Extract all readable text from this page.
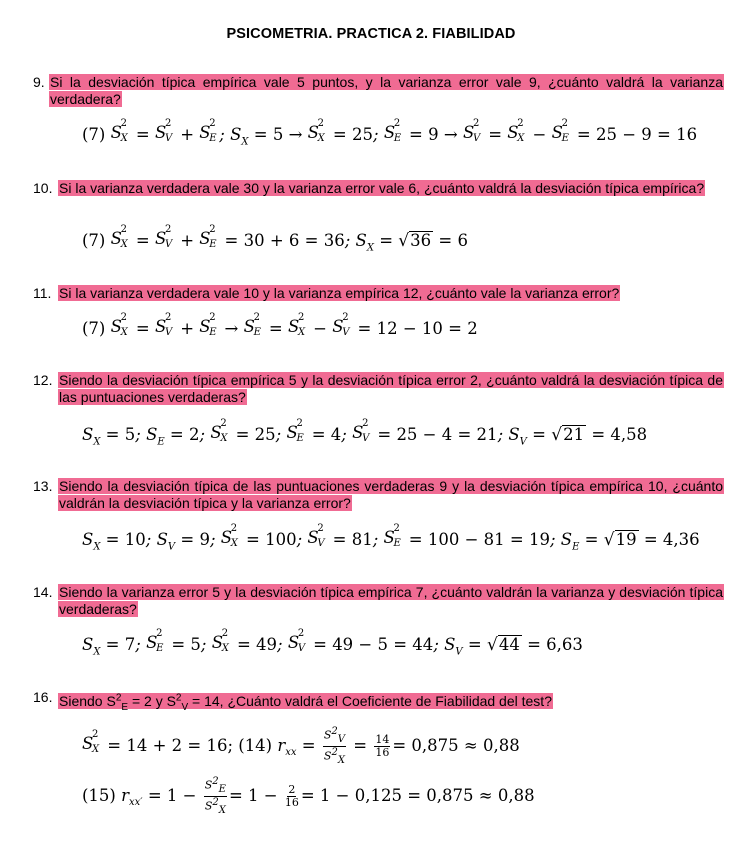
PSICOMETRIA. PRACTICA 2. FIABILIDAD
9. Si la desviación típica empírica vale 5 puntos, y la varianza error vale 9, ¿cuánto valdrá la varianza verdadera?
(7) S
2
X = S
2
V + S
2
E ; $S_X = 5 \to S$
2
X = 25; S
2
E = 9 → S
2
V = S
2
X − S
2
E = 25 − 9 = 16
10. Si la varianza verdadera vale 30 y la varianza error vale 6, ¿cuánto valdrá la desviación típica empírica?
(7) S
2
X = S
2
V + S
2
E = 30 + 6 = 36; $S_X = √36 = 6$
11. Si la varianza verdadera vale 10 y la varianza empírica 12, ¿cuánto vale la varianza error?
(7) S
2
X = S
2
V + S
2
E → S
2
E = S
2
X − S
2
V = 12 − 10 = 2
12. Siendo la desviación típica empírica 5 y la desviación típica error 2, ¿cuánto valdrá la desviación típica de las puntuaciones verdaderas?
$S_X = 5$; $S_E = 2$; S
2
X = 25; S
2
E = 4; S
2
V = 25 − 4 = 21; $S_V = √21 = 4,58$
13. Siendo la desviación típica de las puntuaciones verdaderas 9 y la desviación típica empírica 10, ¿cuánto valdrán la desviación típica y la varianza error?
$S_X = 10$; $S_V = 9$; S
2
X = 100; S
2
V = 81; S
2
E = 100 − 81 = 19; $S_E = √19 = 4,36$
14. Siendo la varianza error 5 y la desviación típica empírica 7, ¿cuánto valdrán la varianza y desviación típica verdaderas?
$S_X = 7$; S
2
E = 5; S
2
X = 49; S
2
V = 49 − 5 = 44; $S_V = √44 = 6,63$
16. Siendo $S^2_E = 2$ y $S^2_V = 14$, ¿Cuánto valdrá el Coeficiente de Fiabilidad del test?
S
2
X = 14 + 2 = 16; (14) $r_{xx} = \frac{S^2_V}{S^2_X} = \frac{14}{16} = 0,875 \approx 0,88$
(15) $r_{xx'} = 1 - \frac{S^2_E}{S^2_X} = 1 - \frac{2}{16} = 1 - 0,125 = 0,875 \approx 0,88$
